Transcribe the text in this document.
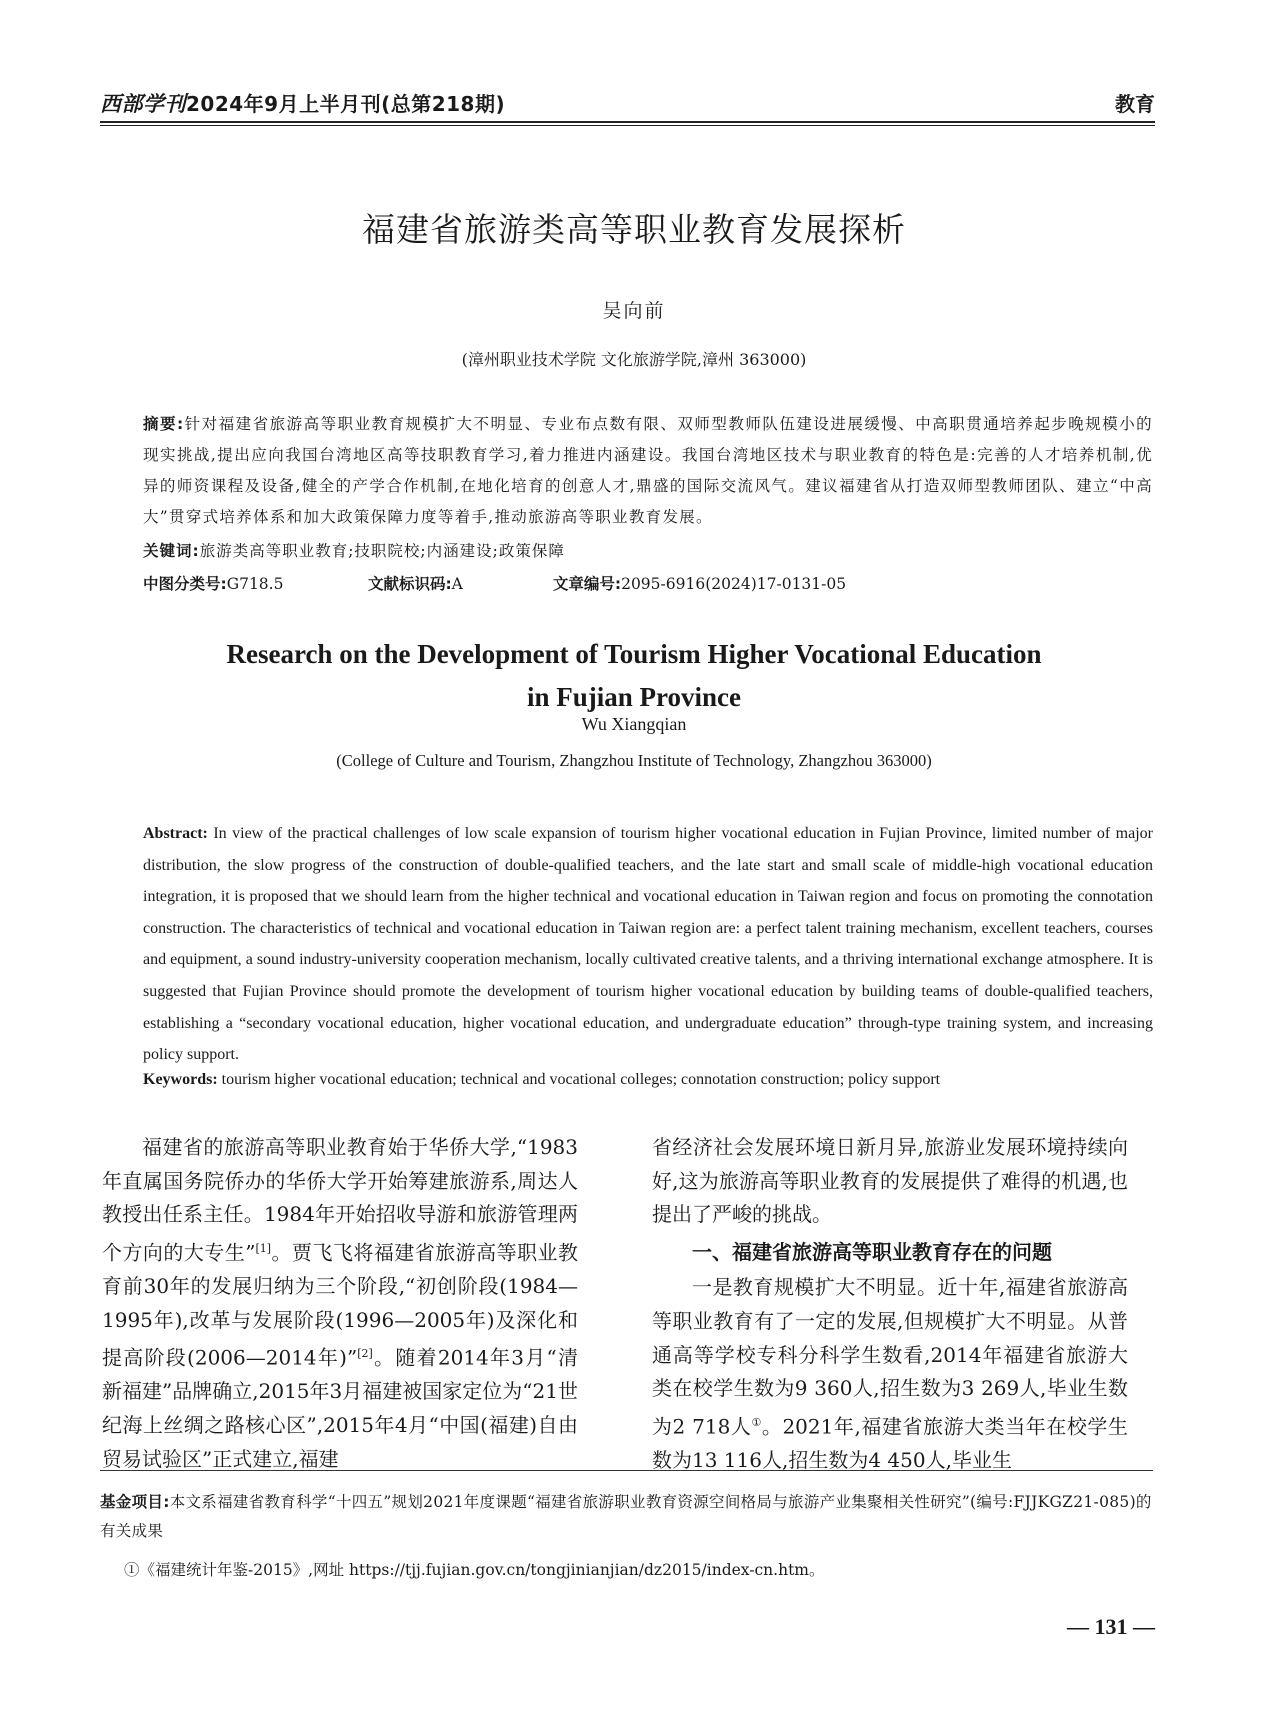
西部学刊2024年9月上半月刊(总第218期)	教育
福建省旅游类高等职业教育发展探析
吴向前
(漳州职业技术学院 文化旅游学院,漳州 363000)
摘要:针对福建省旅游高等职业教育规模扩大不明显、专业布点数有限、双师型教师队伍建设进展缓慢、中高职贯通培养起步晚规模小的现实挑战,提出应向我国台湾地区高等技职教育学习,着力推进内涵建设。我国台湾地区技术与职业教育的特色是:完善的人才培养机制,优异的师资课程及设备,健全的产学合作机制,在地化培育的创意人才,鼎盛的国际交流风气。建议福建省从打造双师型教师团队、建立“中高大”贯穿式培养体系和加大政策保障力度等着手,推动旅游高等职业教育发展。
关键词:旅游类高等职业教育;技职院校;内涵建设;政策保障
中图分类号:G718.5	文献标识码:A	文章编号:2095-6916(2024)17-0131-05
Research on the Development of Tourism Higher Vocational Education
in Fujian Province
Wu Xiangqian
(College of Culture and Tourism, Zhangzhou Institute of Technology, Zhangzhou 363000)
Abstract: In view of the practical challenges of low scale expansion of tourism higher vocational education in Fujian Province, limited number of major distribution, the slow progress of the construction of double-qualified teachers, and the late start and small scale of middle-high vocational education integration, it is proposed that we should learn from the higher technical and vocational education in Taiwan region and focus on promoting the connotation construction. The characteristics of technical and vocational education in Taiwan region are: a perfect talent training mechanism, excellent teachers, courses and equipment, a sound industry-university cooperation mechanism, locally cultivated creative talents, and a thriving international exchange atmosphere. It is suggested that Fujian Province should promote the development of tourism higher vocational education by building teams of double-qualified teachers, establishing a “secondary vocational education, higher vocational education, and undergraduate education” through-type training system, and increasing policy support.
Keywords: tourism higher vocational education; technical and vocational colleges; connotation construction; policy support

福建省的旅游高等职业教育始于华侨大学,“1983年直属国务院侨办的华侨大学开始筹建旅游系,周达人教授出任系主任。1984年开始招收导游和旅游管理两个方向的大专生”[1]。贾飞飞将福建省旅游高等职业教育前30年的发展归纳为三个阶段,“初创阶段(1984—1995年),改革与发展阶段(1996—2005年)及深化和提高阶段(2006—2014年)”[2]。随着2014年3月“清新福建”品牌确立,2015年3月福建被国家定位为“21世纪海上丝绸之路核心区”,2015年4月“中国(福建)自由贸易试验区”正式建立,福建

省经济社会发展环境日新月异,旅游业发展环境持续向好,这为旅游高等职业教育的发展提供了难得的机遇,也提出了严峻的挑战。

一、福建省旅游高等职业教育存在的问题

一是教育规模扩大不明显。近十年,福建省旅游高等职业教育有了一定的发展,但规模扩大不明显。从普通高等学校专科分科学生数看,2014年福建省旅游大类在校学生数为9 360人,招生数为3 269人,毕业生数为2 718人①。2021年,福建省旅游大类当年在校学生数为13 116人,招生数为4 450人,毕业生

基金项目:本文系福建省教育科学“十四五”规划2021年度课题“福建省旅游职业教育资源空间格局与旅游产业集聚相关性研究”(编号:FJJKGZ21-085)的有关成果
①《福建统计年鉴-2015》,网址 https://tjj.fujian.gov.cn/tongjinianjian/dz2015/index-cn.htm。
— 131 —
